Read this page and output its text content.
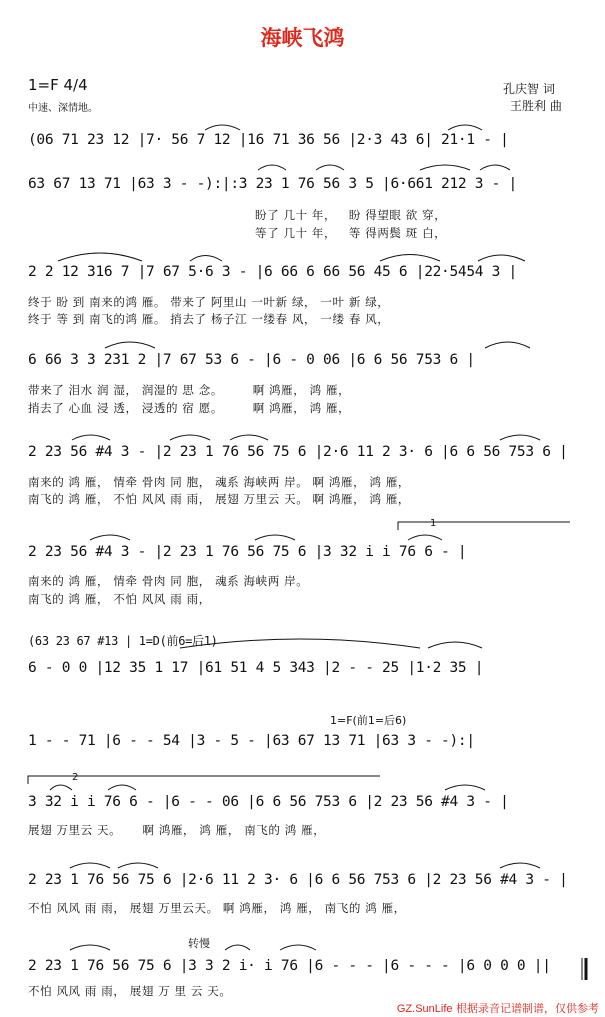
海峡飞鸿
1=F 4/4
中速、深情地。
孔庆智 词
王胜利 曲
1
2
(06 71 23 12 |7· 56 7 12 |16 71 36 56 |2·3 43 6| 21·1 - |
63 67 13 71 |63 3 - -):|:3 23 1 76 56 3 5 |6·661 212 3 - |
盼了 几十 年，   盼 得望眼 欲 穿，
等了 几十 年，   等 得两鬓 斑 白，
2 2 12 316 7 |7 67 5·6 3 - |6 66 6 66 56 45 6 |22·5454 3 |
终于 盼 到 南来的鸿 雁。 带来了 阿里山 一叶新 绿， 一叶 新 绿，
终于 等 到 南飞的鸿 雁。 捎去了 杨子江 一缕春 风， 一缕 春 风，
6 66 3 3 231 2 |7 67 53 6 - |6 - 0 06 |6 6 56 753 6 |
带来了 泪水 润 湿， 润湿的 思 念。       啊 鸿雁， 鸿 雁，
捎去了 心血 浸 透， 浸透的 宿 愿。       啊 鸿雁， 鸿 雁，
2 23 56 #4 3 - |2 23 1 76 56 75 6 |2·6 11 2 3· 6 |6 6 56 753 6 |
南来的 鸿 雁， 情牵 骨肉 同 胞， 魂系 海峡两 岸。 啊 鸿雁， 鸿 雁，
南飞的 鸿 雁， 不怕 风风 雨 雨， 展翅 万里云 天。 啊 鸿雁， 鸿 雁，
2 23 56 #4 3 - |2 23 1 76 56 75 6 |3 32 i i 76 6 - |
南来的 鸿 雁， 情牵 骨肉 同 胞， 魂系 海峡两 岸。
南飞的 鸿 雁， 不怕 风风 雨 雨，
(63 23 67 #13 | 1=D(前6=后1)
6 - 0 0 |12 35 1 17 |61 51 4 5 343 |2 - - 25 |1·2 35 |
1=F(前1=后6)
1 - - 71 |6 - - 54 |3 - 5 - |63 67 13 71 |63 3 - -):|
3 32 i i 76 6 - |6 - - 06 |6 6 56 753 6 |2 23 56 #4 3 - |
展翅 万里云 天。     啊 鸿雁， 鸿 雁， 南飞的 鸿 雁，
2 23 1 76 56 75 6 |2·6 11 2 3· 6 |6 6 56 753 6 |2 23 56 #4 3 - |
不怕 风风 雨 雨， 展翅 万里云天。 啊 鸿雁， 鸿 雁， 南飞的 鸿 雁，
转慢
2 23 1 76 56 75 6 |3 3 2 i· i 76 |6 - - - |6 - - - |6 0 0 0 ||
不怕 风风 雨 雨， 展翅 万 里 云 天。
GZ.SunLife 根据录音记谱制谱，仅供参考
